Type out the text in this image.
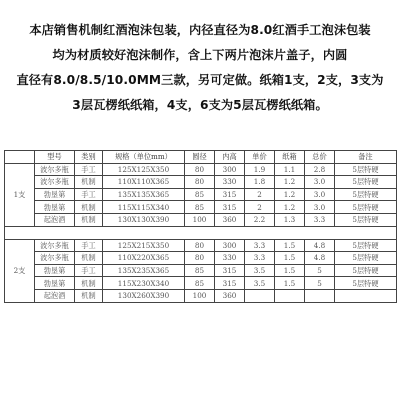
本店销售机制红酒泡沫包装，内径直径为8.0红酒手工泡沫包装
均为材质较好泡沫制作，含上下两片泡沫片盖子，内圆
直径有8.0/8.5/10.0MM三款，另可定做。纸箱1支，2支，3支为
3层瓦楞纸纸箱，4支，6支为5层瓦楞纸纸箱。
	型号	类别	规格（单位mm）	圆径	内高	单价	纸箱	总价	备注
1支	波尔多瓶	手工	125X125X350	80	300	1.9	1.1	2.8	5层特硬
	波尔多瓶	机制	110X110X365	80	330	1.8	1.2	3.0	5层特硬
	勃垦第	手工	135X135X365	85	315	2	1.2	3.0	5层特硬
	勃垦第	机制	115X115X340	85	315	2	1.2	3.0	5层特硬
	起泡酒	机制	130X130X390	100	360	2.2	1.3	3.3	5层特硬

2支	波尔多瓶	手工	125X215X350	80	300	3.3	1.5	4.8	5层特硬
	波尔多瓶	机制	110X220X365	80	330	3.3	1.5	4.8	5层特硬
	勃垦第	手工	135X235X365	85	315	3.5	1.5	5	5层特硬
	勃垦第	机制	115X230X340	85	315	3.5	1.5	5	5层特硬
	起泡酒	机制	130X260X390	100	360				
